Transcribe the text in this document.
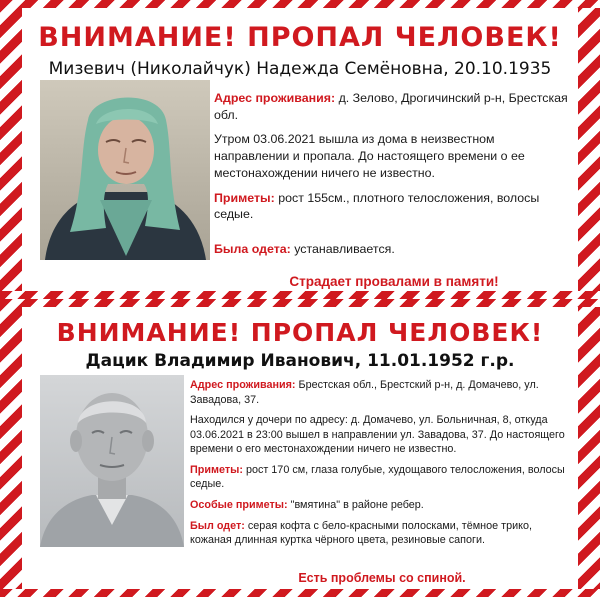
ВНИМАНИЕ! ПРОПАЛ ЧЕЛОВЕК!
Мизевич (Николайчук) Надежда Семёновна, 20.10.1935

Адрес проживания: д. Зелово, Дрогичинский р-н, Брестская обл.

Утром 03.06.2021 вышла из дома в неизвестном направлении и пропала. До настоящего времени о ее местонахождении ничего не известно.

Приметы: рост 155см., плотного телосложения, волосы седые.

Была одета: устанавливается.

Страдает провалами в памяти!
ВНИМАНИЕ! ПРОПАЛ ЧЕЛОВЕК!
Дацик Владимир Иванович, 11.01.1952 г.р.

Адрес проживания: Брестская обл., Брестский р-н, д. Домачево, ул. Завадова, 37.

Находился у дочери по адресу: д. Домачево, ул. Больничная, 8, откуда 03.06.2021 в 23:00 вышел в направлении ул. Завадова, 37. До настоящего времени о его местонахождении ничего не известно.

Приметы: рост 170 см, глаза голубые, худощавого телосложения, волосы седые.

Особые приметы: "вмятина" в районе ребер.

Был одет: серая кофта с бело-красными полосками, тёмное трико, кожаная длинная куртка чёрного цвета, резиновые сапоги.

Есть проблемы со спиной.
